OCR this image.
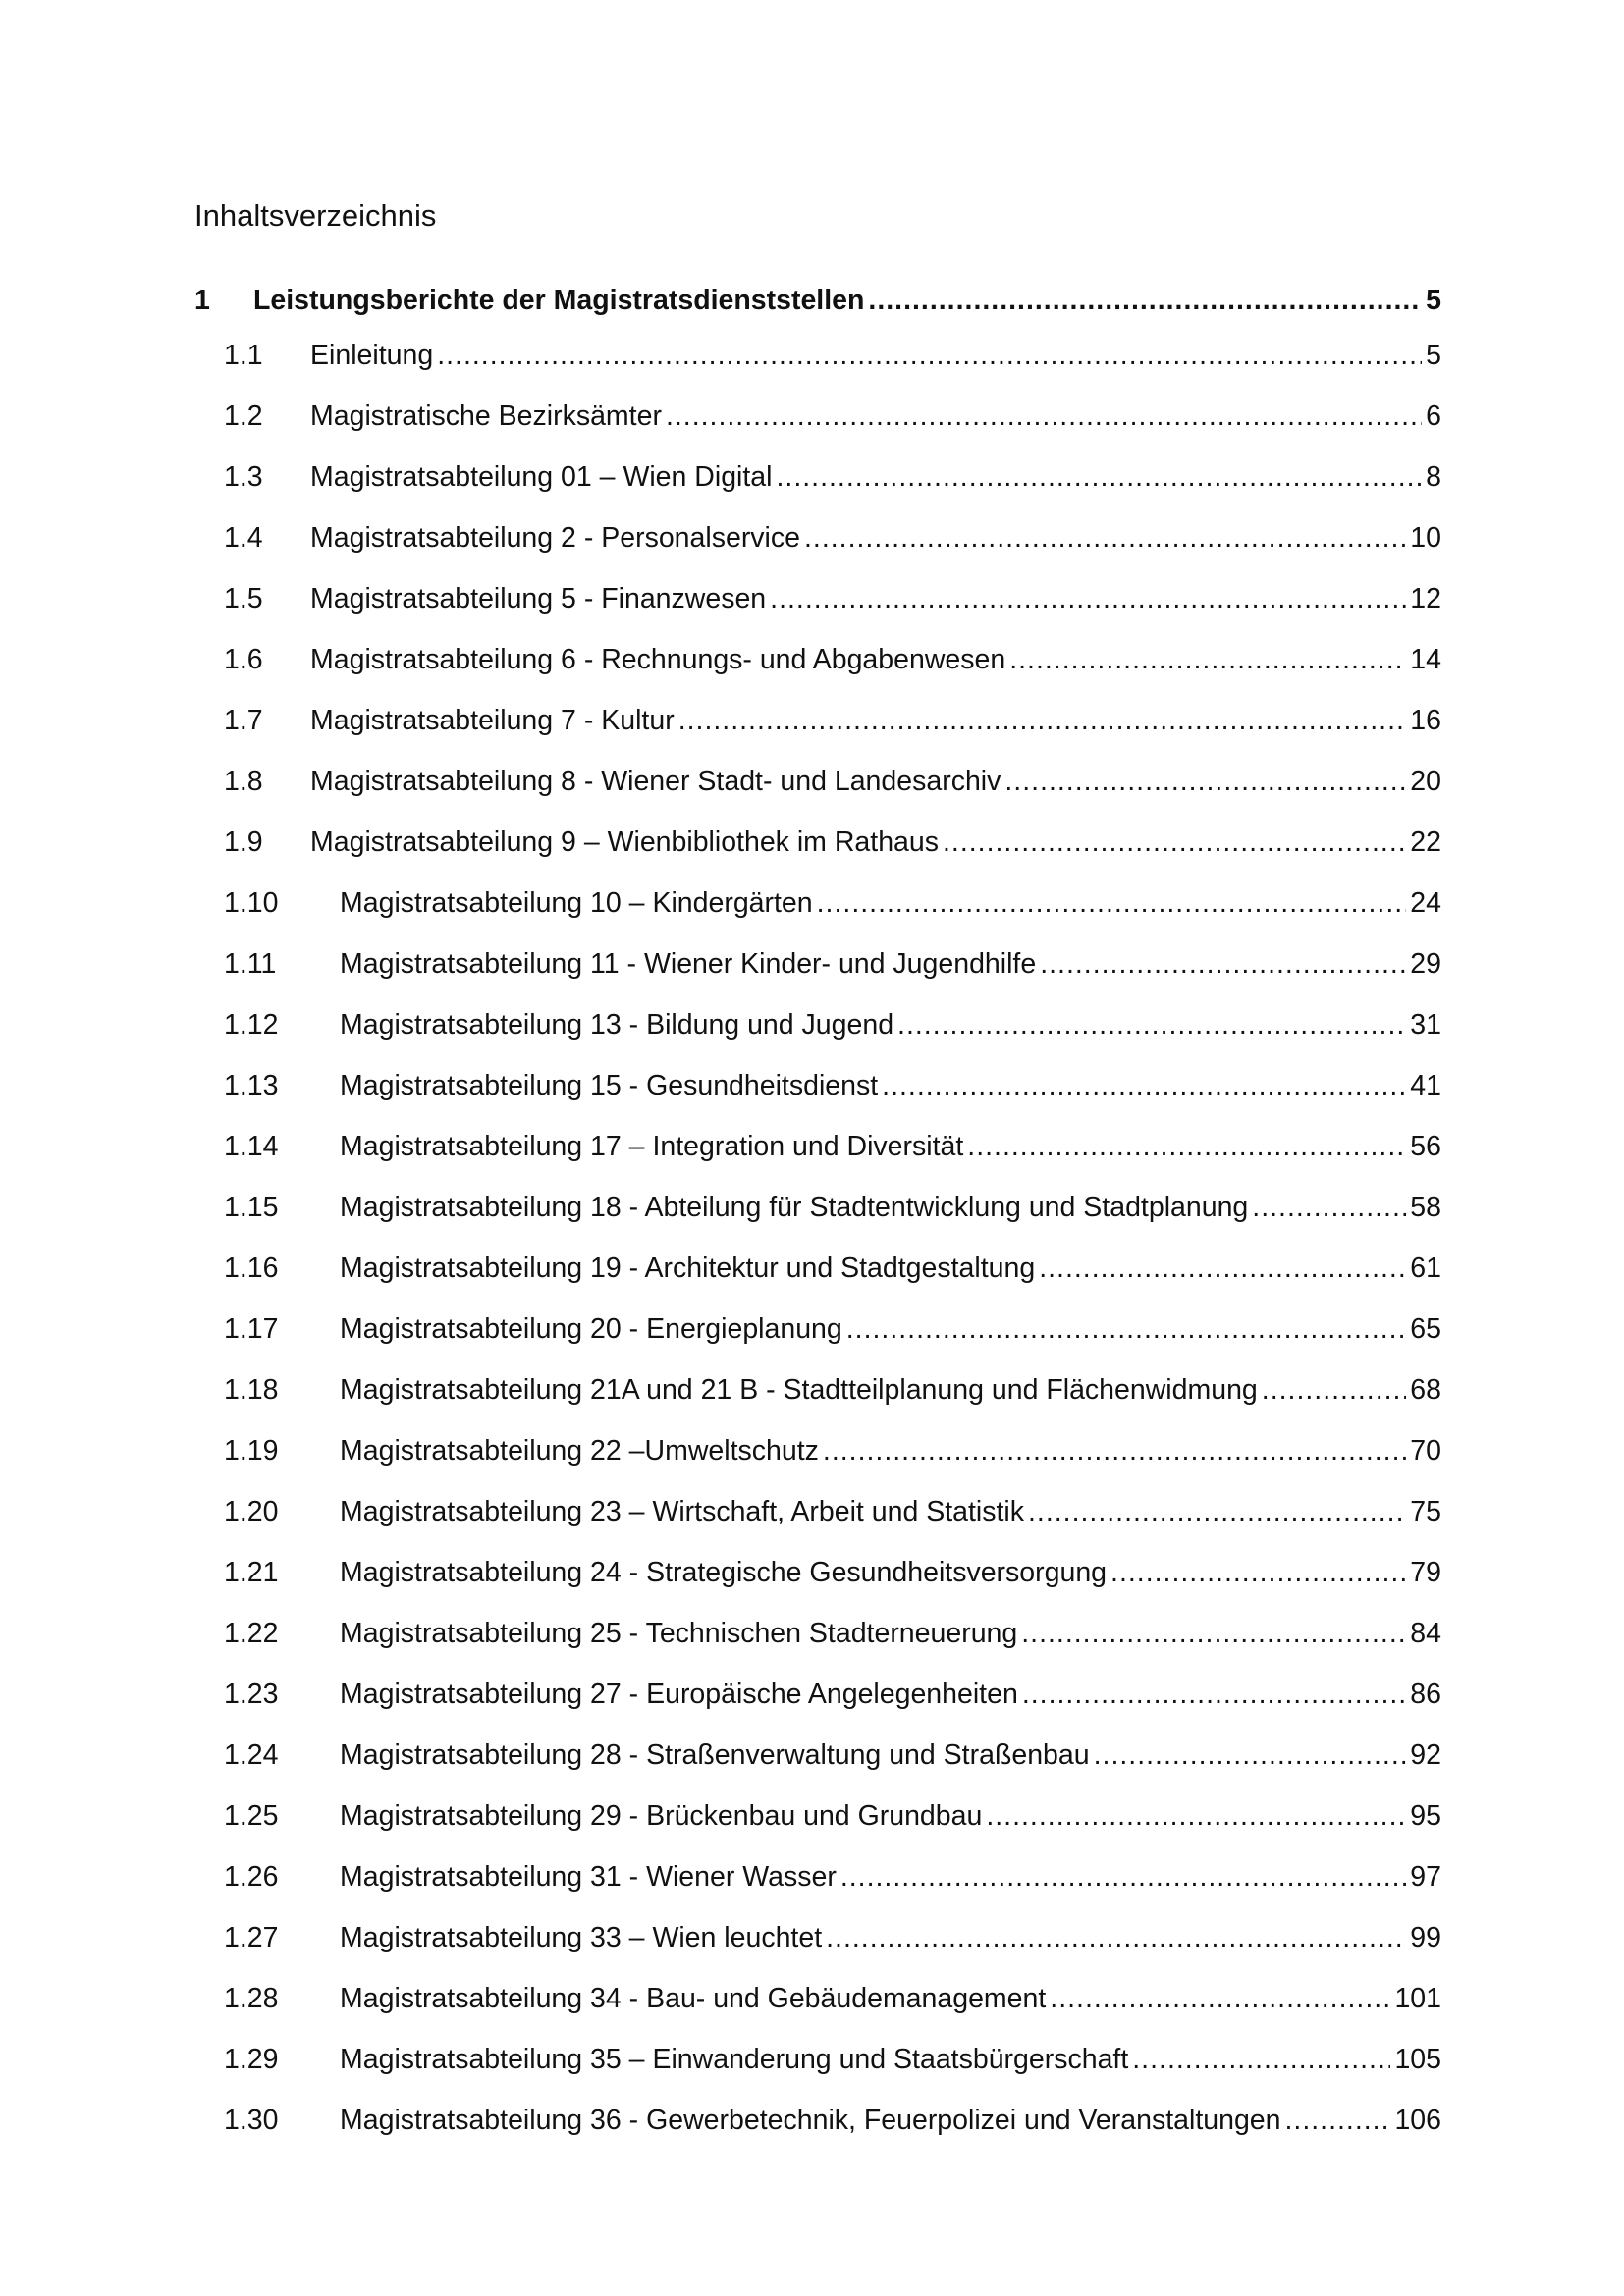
Inhaltsverzeichnis
1 Leistungsberichte der Magistratsdienststellen .....	5
1.1 Einleitung .....	5
1.2 Magistratische Bezirksämter .....	6
1.3 Magistratsabteilung 01 – Wien Digital .....	8
1.4 Magistratsabteilung 2 - Personalservice .....	10
1.5 Magistratsabteilung 5 - Finanzwesen .....	12
1.6 Magistratsabteilung 6 - Rechnungs- und Abgabenwesen .....	14
1.7 Magistratsabteilung 7 - Kultur .....	16
1.8 Magistratsabteilung 8 - Wiener Stadt- und Landesarchiv .....	20
1.9 Magistratsabteilung 9 – Wienbibliothek im Rathaus .....	22
1.10 Magistratsabteilung 10 – Kindergärten .....	24
1.11 Magistratsabteilung 11 - Wiener Kinder- und Jugendhilfe .....	29
1.12 Magistratsabteilung 13 - Bildung und Jugend .....	31
1.13 Magistratsabteilung 15 - Gesundheitsdienst .....	41
1.14 Magistratsabteilung 17 – Integration und Diversität .....	56
1.15 Magistratsabteilung 18 - Abteilung für Stadtentwicklung und Stadtplanung .....	58
1.16 Magistratsabteilung 19 - Architektur und Stadtgestaltung .....	61
1.17 Magistratsabteilung 20 - Energieplanung .....	65
1.18 Magistratsabteilung 21A und 21 B - Stadtteilplanung und Flächenwidmung .....	68
1.19 Magistratsabteilung 22 –Umweltschutz .....	70
1.20 Magistratsabteilung 23 – Wirtschaft, Arbeit und Statistik .....	75
1.21 Magistratsabteilung 24 - Strategische Gesundheitsversorgung .....	79
1.22 Magistratsabteilung 25 - Technischen Stadterneuerung .....	84
1.23 Magistratsabteilung 27 - Europäische Angelegenheiten .....	86
1.24 Magistratsabteilung 28 - Straßenverwaltung und Straßenbau .....	92
1.25 Magistratsabteilung 29 - Brückenbau und Grundbau .....	95
1.26 Magistratsabteilung 31 - Wiener Wasser .....	97
1.27 Magistratsabteilung 33 – Wien leuchtet .....	99
1.28 Magistratsabteilung 34 - Bau- und Gebäudemanagement .....	101
1.29 Magistratsabteilung 35 – Einwanderung und Staatsbürgerschaft .....	105
1.30 Magistratsabteilung 36 - Gewerbetechnik, Feuerpolizei und Veranstaltungen .....	106
